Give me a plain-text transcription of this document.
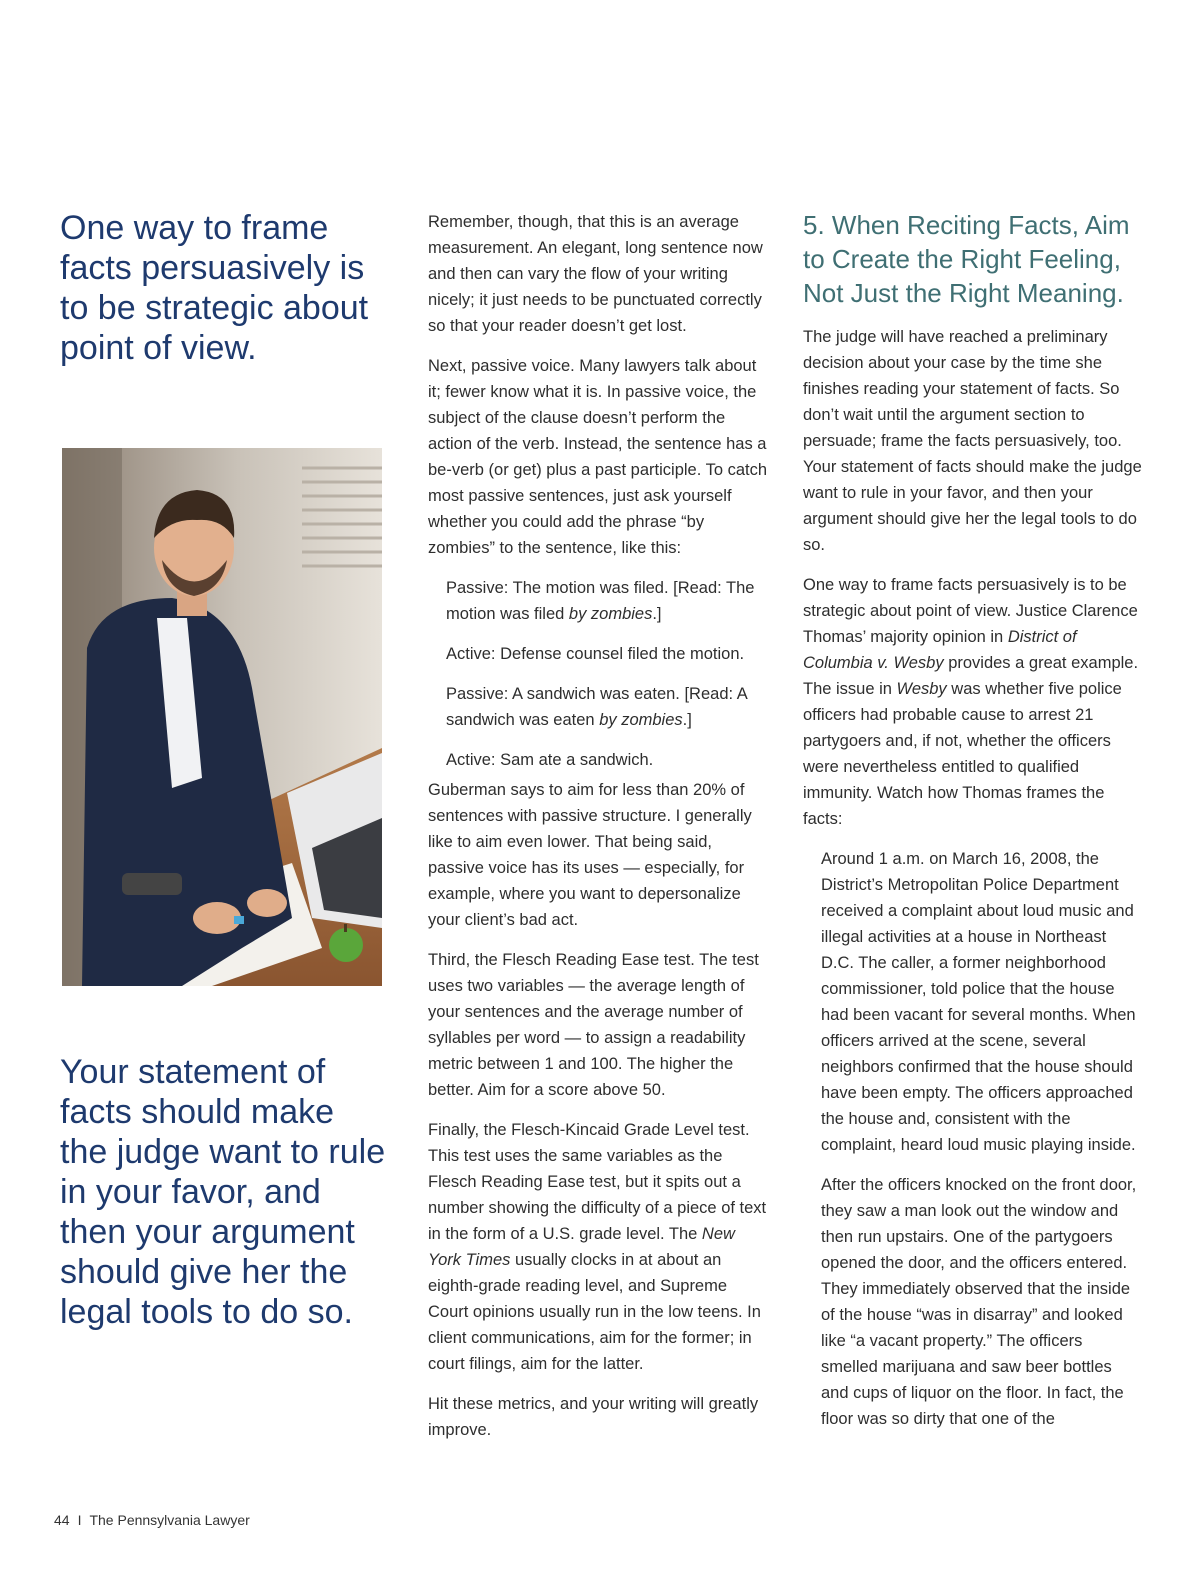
One way to frame facts persuasively is to be strategic about point of view.
Your statement of facts should make the judge want to rule in your favor, and then your argument should give her the legal tools to do so.

Remember, though, that this is an average measurement. An elegant, long sentence now and then can vary the flow of your writing nicely; it just needs to be punctuated correctly so that your reader doesn’t get lost.

Next, passive voice. Many lawyers talk about it; fewer know what it is. In passive voice, the subject of the clause doesn’t perform the action of the verb. Instead, the sentence has a be-verb (or get) plus a past participle. To catch most passive sentences, just ask yourself whether you could add the phrase “by zombies” to the sentence, like this:

Passive: The motion was filed. [Read: The motion was filed by zombies.]

Active: Defense counsel filed the motion.

Passive: A sandwich was eaten. [Read: A sandwich was eaten by zombies.]

Active: Sam ate a sandwich.

Guberman says to aim for less than 20% of sentences with passive structure. I generally like to aim even lower. That being said, passive voice has its uses — especially, for example, where you want to depersonalize your client’s bad act.

Third, the Flesch Reading Ease test. The test uses two variables — the average length of your sentences and the average number of syllables per word — to assign a readability metric between 1 and 100. The higher the better. Aim for a score above 50.

Finally, the Flesch-Kincaid Grade Level test. This test uses the same variables as the Flesch Reading Ease test, but it spits out a number showing the difficulty of a piece of text in the form of a U.S. grade level. The New York Times usually clocks in at about an eighth-grade reading level, and Supreme Court opinions usually run in the low teens. In client communications, aim for the former; in court filings, aim for the latter.

Hit these metrics, and your writing will greatly improve.

5. When Reciting Facts, Aim to Create the Right Feeling, Not Just the Right Meaning.

The judge will have reached a preliminary decision about your case by the time she finishes reading your statement of facts. So don’t wait until the argument section to persuade; frame the facts persuasively, too. Your statement of facts should make the judge want to rule in your favor, and then your argument should give her the legal tools to do so.

One way to frame facts persuasively is to be strategic about point of view. Justice Clarence Thomas’ majority opinion in District of Columbia v. Wesby provides a great example. The issue in Wesby was whether five police officers had probable cause to arrest 21 partygoers and, if not, whether the officers were nevertheless entitled to qualified immunity. Watch how Thomas frames the facts:

Around 1 a.m. on March 16, 2008, the District’s Metropolitan Police Department received a complaint about loud music and illegal activities at a house in Northeast D.C. The caller, a former neighborhood commissioner, told police that the house had been vacant for several months. When officers arrived at the scene, several neighbors confirmed that the house should have been empty. The officers approached the house and, consistent with the complaint, heard loud music playing inside.

After the officers knocked on the front door, they saw a man look out the window and then run upstairs. One of the partygoers opened the door, and the officers entered. They immediately observed that the inside of the house “was in disarray” and looked like “a vacant property.” The officers smelled marijuana and saw beer bottles and cups of liquor on the floor. In fact, the floor was so dirty that one of the

44 I The Pennsylvania Lawyer
